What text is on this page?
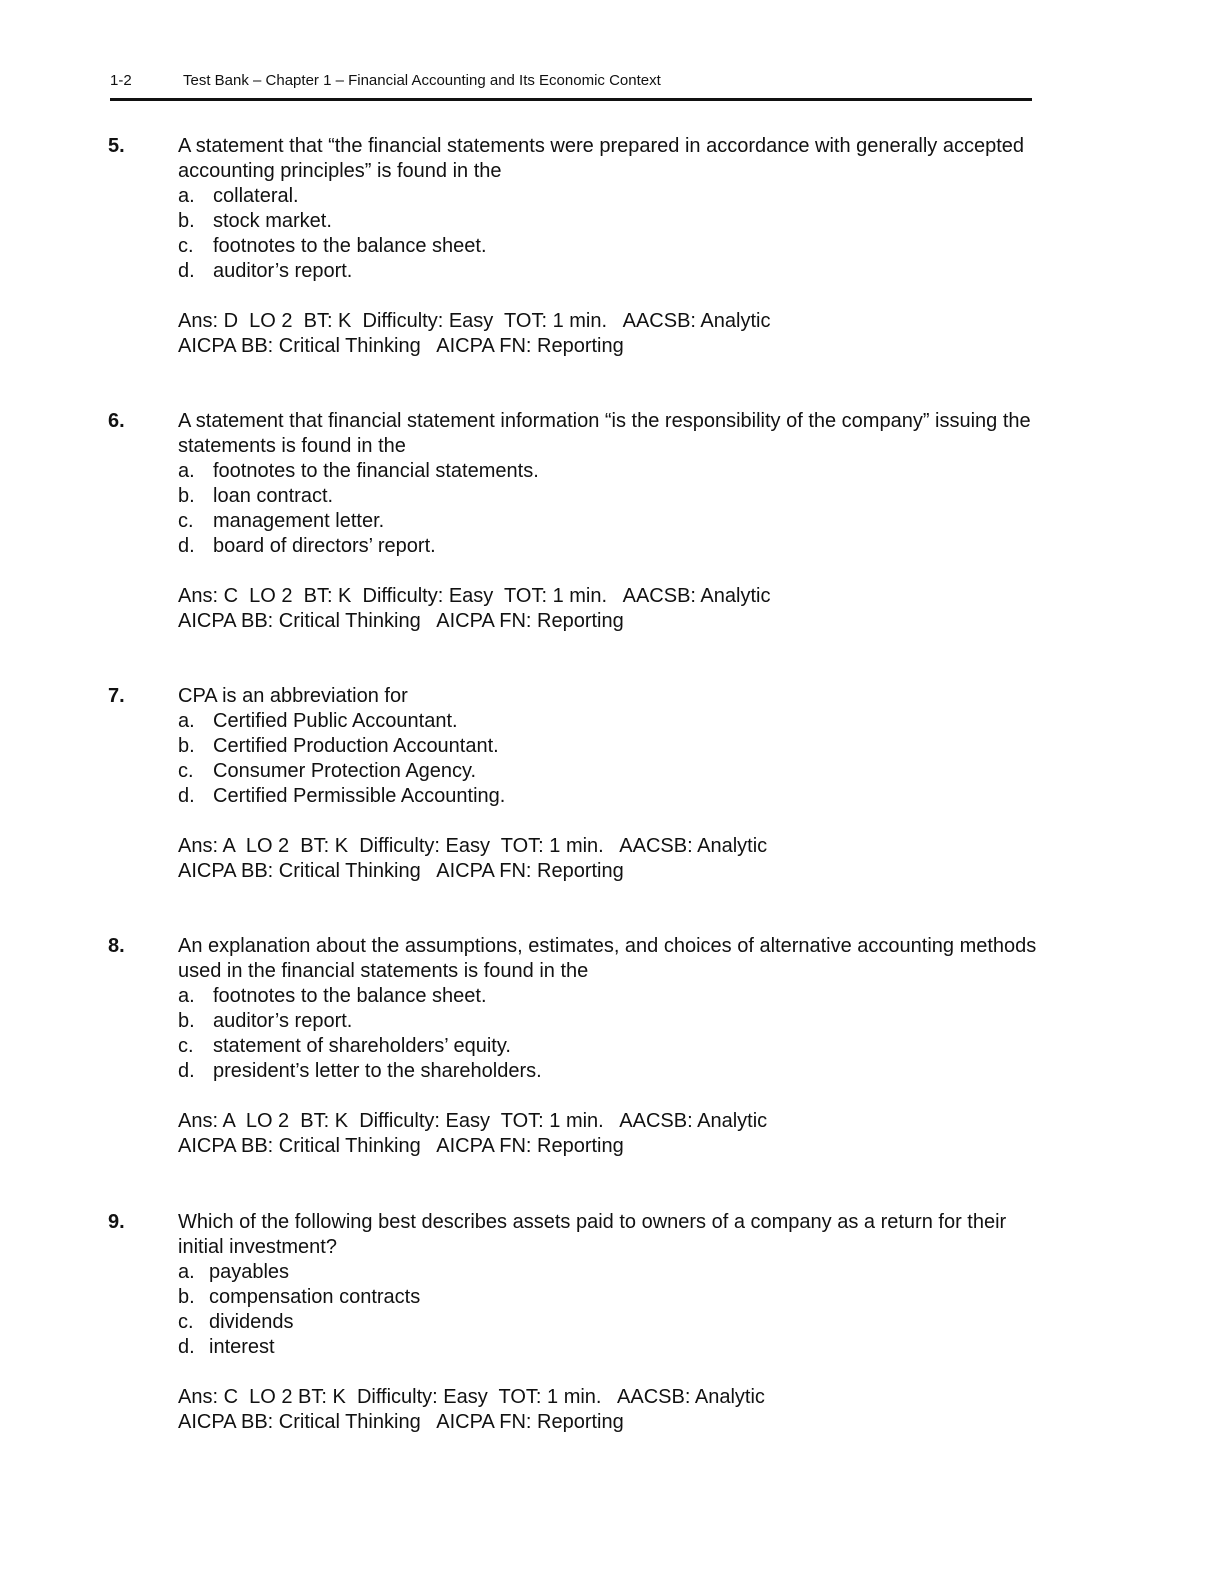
1-2	Test Bank – Chapter 1 – Financial Accounting and Its Economic Context
5.	A statement that “the financial statements were prepared in accordance with generally accepted accounting principles” is found in the

a. collateral.
b. stock market.
c. footnotes to the balance sheet.
d. auditor’s report.
Ans: D  LO 2  BT: K  Difficulty: Easy  TOT: 1 min.   AACSB: Analytic
AICPA BB: Critical Thinking   AICPA FN: Reporting
6.	A statement that financial statement information “is the responsibility of the company” issuing the statements is found in the

a. footnotes to the financial statements.
b. loan contract.
c. management letter.
d. board of directors’ report.
Ans: C  LO 2  BT: K  Difficulty: Easy  TOT: 1 min.   AACSB: Analytic
AICPA BB: Critical Thinking   AICPA FN: Reporting
7.	CPA is an abbreviation for

a. Certified Public Accountant.
b. Certified Production Accountant.
c. Consumer Protection Agency.
d. Certified Permissible Accounting.
Ans: A  LO 2  BT: K  Difficulty: Easy  TOT: 1 min.   AACSB: Analytic
AICPA BB: Critical Thinking   AICPA FN: Reporting
8.	An explanation about the assumptions, estimates, and choices of alternative accounting methods used in the financial statements is found in the

a. footnotes to the balance sheet.
b. auditor’s report.
c. statement of shareholders’ equity.
d. president’s letter to the shareholders.
Ans: A  LO 2  BT: K  Difficulty: Easy  TOT: 1 min.   AACSB: Analytic
AICPA BB: Critical Thinking   AICPA FN: Reporting
9.	Which of the following best describes assets paid to owners of a company as a return for their initial investment?

a. payables
b. compensation contracts
c. dividends
d. interest
Ans: C  LO 2 BT: K  Difficulty: Easy  TOT: 1 min.   AACSB: Analytic
AICPA BB: Critical Thinking   AICPA FN: Reporting
